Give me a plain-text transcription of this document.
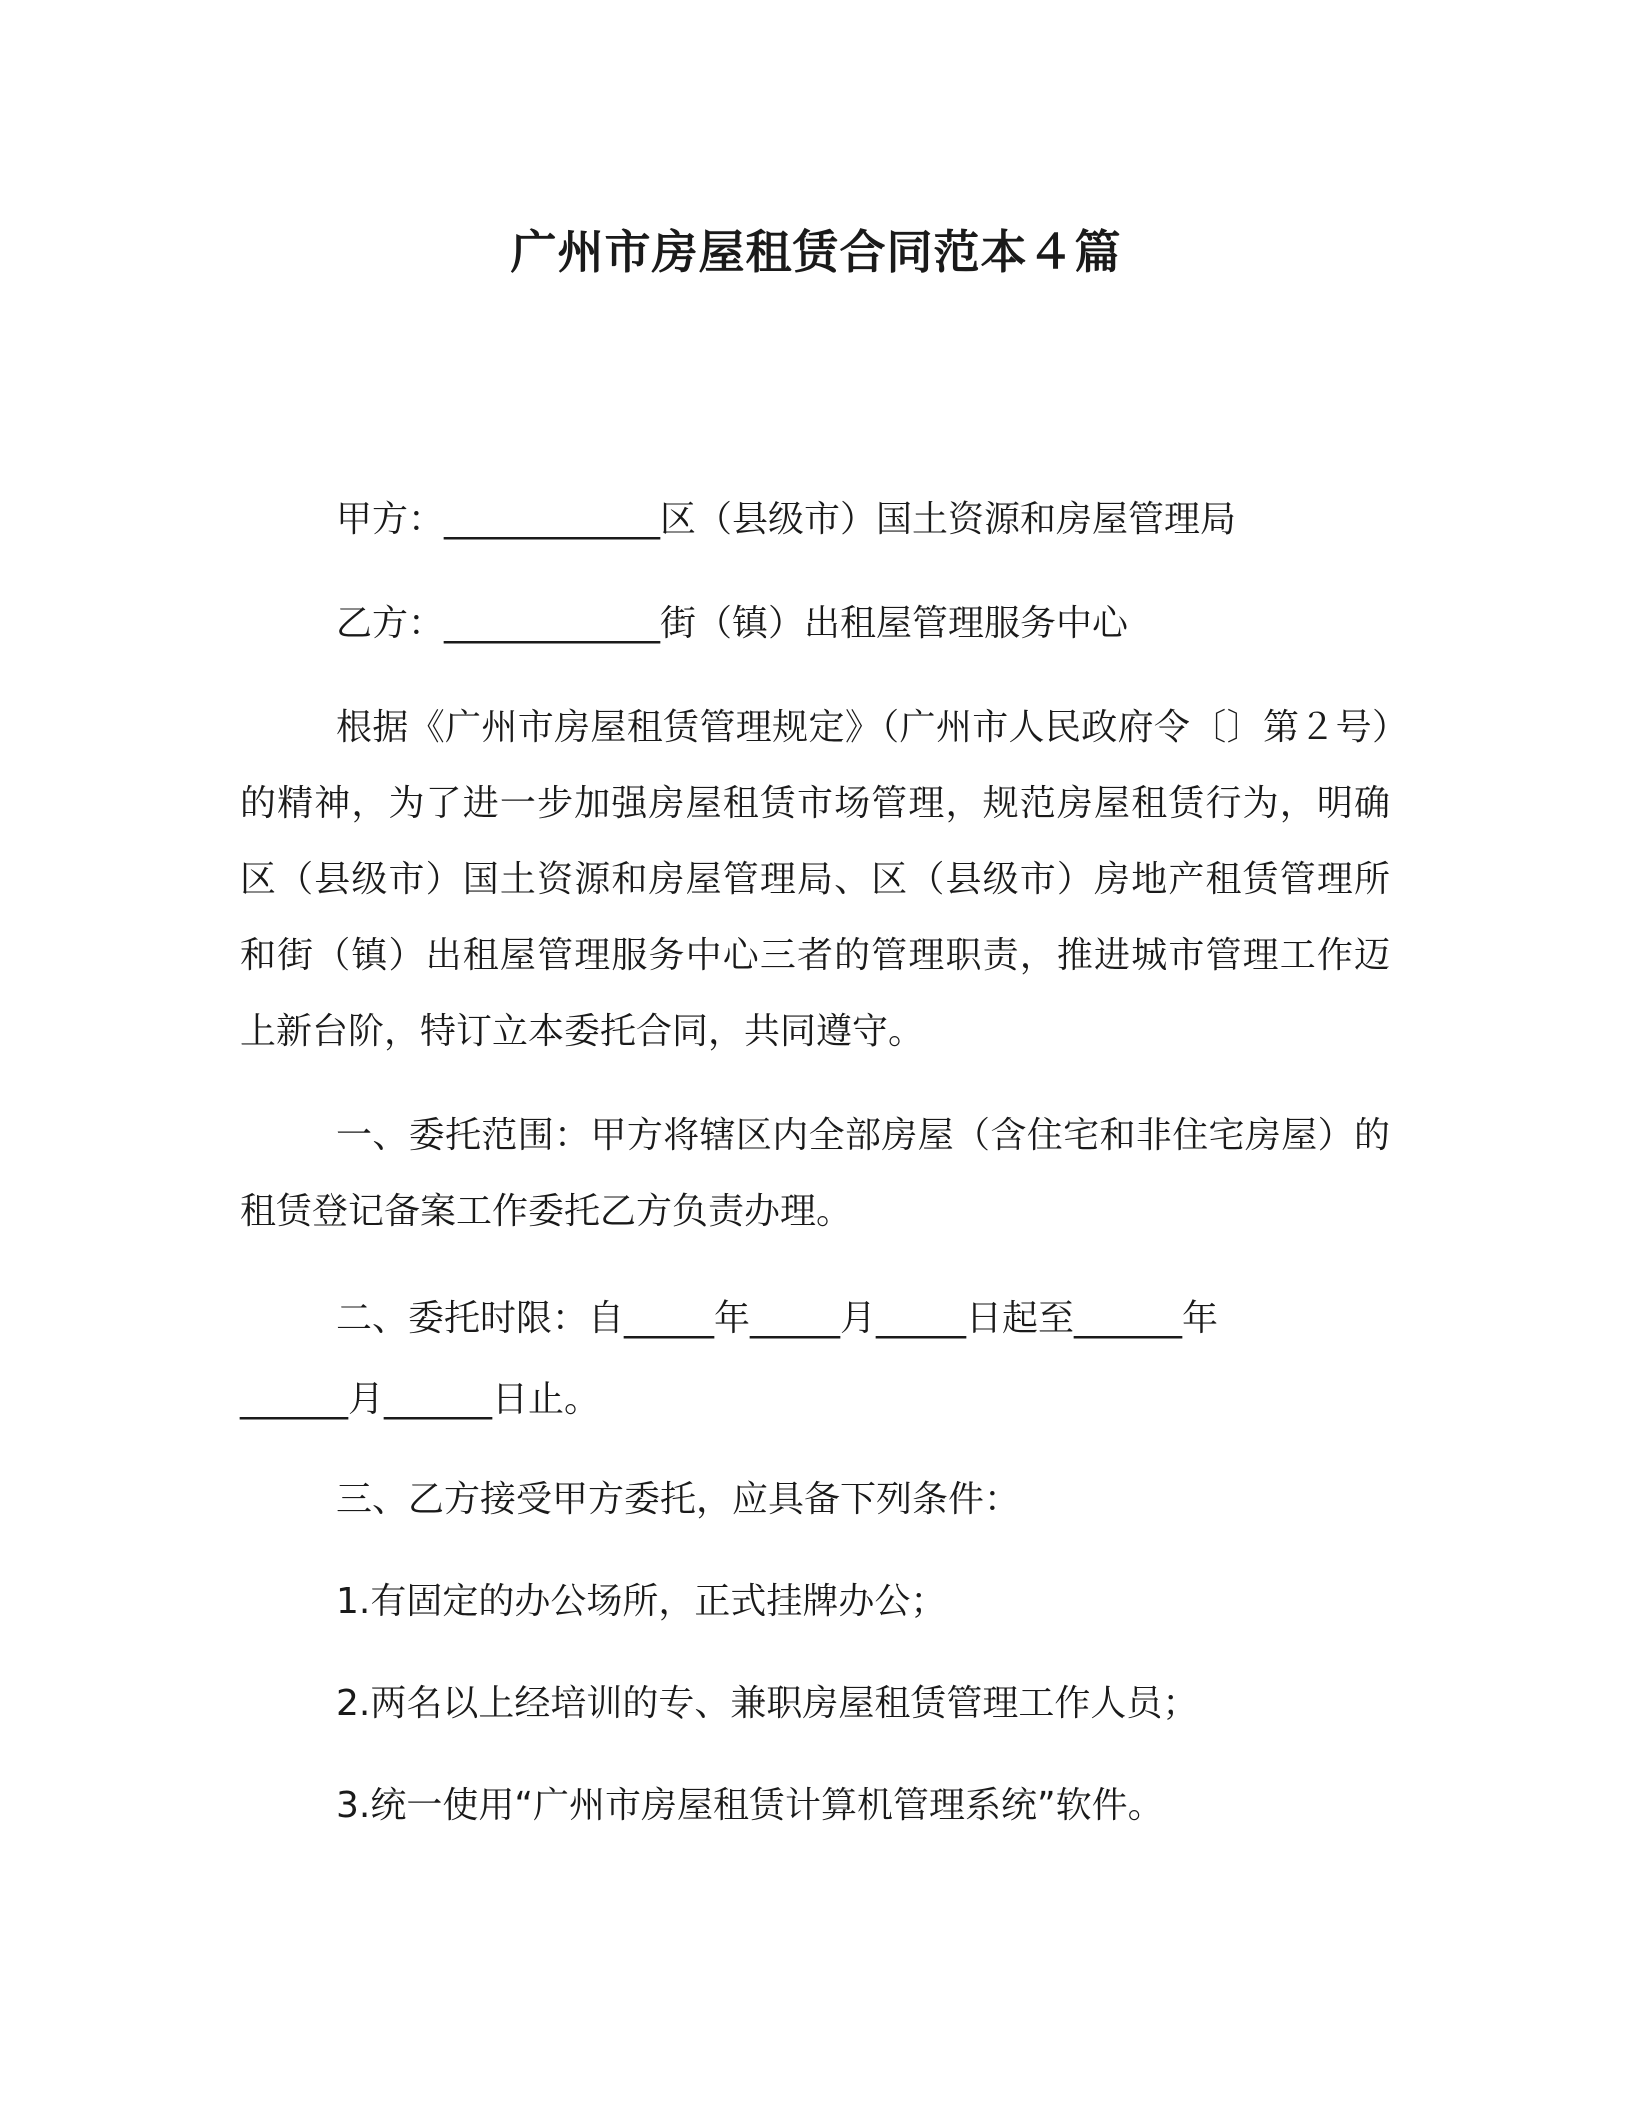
广州市房屋租赁合同范本４篇
甲方：____________区（县级市）国土资源和房屋管理局
乙方：____________街（镇）出租屋管理服务中心
根据《广州市房屋租赁管理规定》（广州市人民政府令〔〕第２号）的精神，为了进一步加强房屋租赁市场管理，规范房屋租赁行为，明确区（县级市）国土资源和房屋管理局、区（县级市）房地产租赁管理所和街（镇）出租屋管理服务中心三者的管理职责，推进城市管理工作迈上新台阶，特订立本委托合同，共同遵守。
一、委托范围：甲方将辖区内全部房屋（含住宅和非住宅房屋）的租赁登记备案工作委托乙方负责办理。
二、委托时限：自_____年_____月_____日起至______年
______月______日止。
三、乙方接受甲方委托，应具备下列条件：
1.有固定的办公场所，正式挂牌办公；
2.两名以上经培训的专、兼职房屋租赁管理工作人员；
3.统一使用“广州市房屋租赁计算机管理系统”软件。
